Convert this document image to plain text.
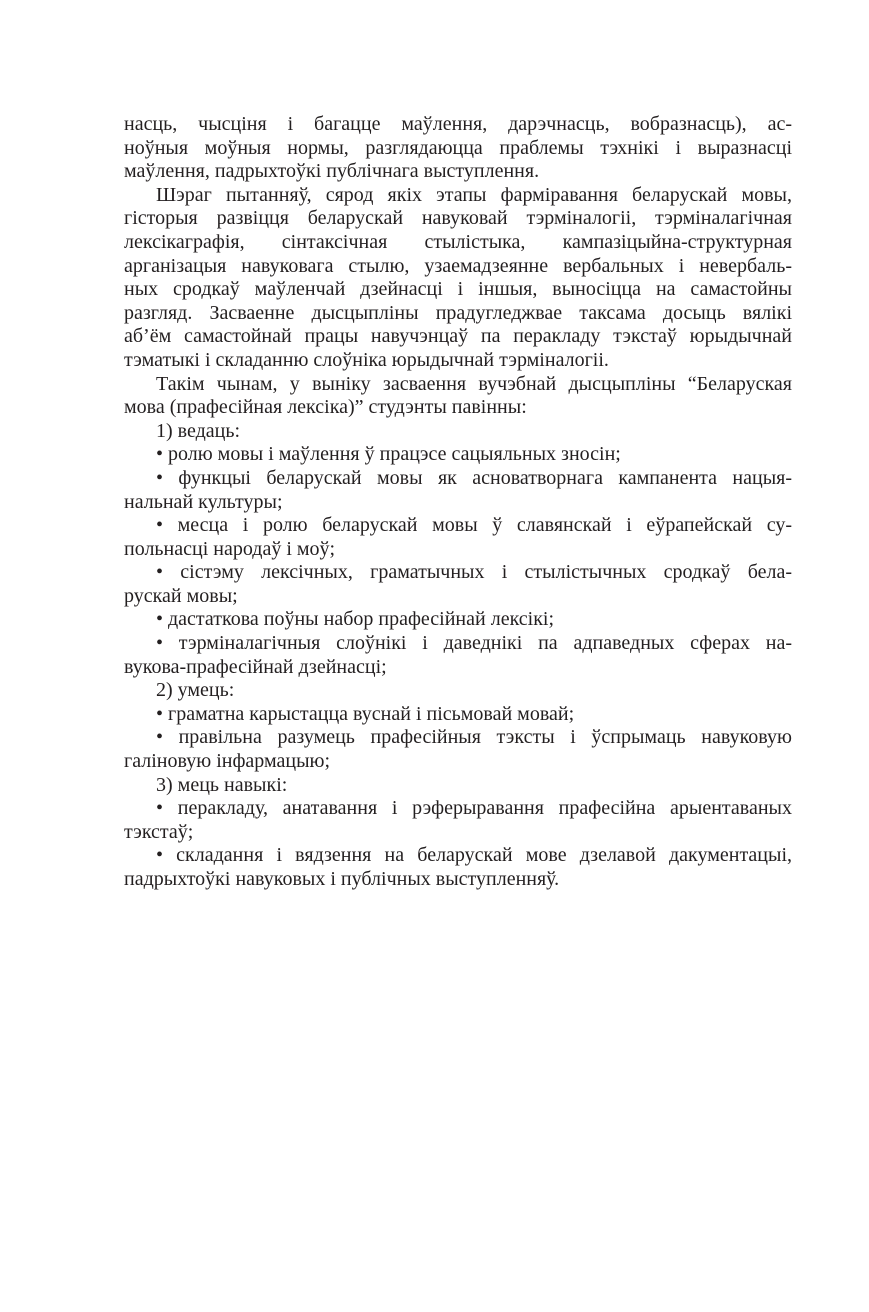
насць, чысціня і багацце маўлення, дарэчнасць, вобразнасць), ас-
ноўныя моўныя нормы, разглядаюцца праблемы тэхнікі і выразнасці
маўлення, падрыхтоўкі публічнага выступлення.
Шэраг пытанняў, сярод якіх этапы фарміравання беларускай мовы,
гісторыя развіцця беларускай навуковай тэрміналогіі, тэрміналагічная
лексікаграфія, сінтаксічная стылістыка, кампазіцыйна-структурная
арганізацыя навуковага стылю, узаемадзеянне вербальных і невербаль-
ных сродкаў маўленчай дзейнасці і іншыя, выносіцца на самастойны
разгляд. Засваенне дысцыпліны прадугледжвае таксама досыць вялікі
аб’ём самастойнай працы навучэнцаў па перакладу тэкстаў юрыдычнай
тэматыкі і складанню слоўніка юрыдычнай тэрміналогіі.
Такім чынам, у выніку засваення вучэбнай дысцыпліны “Беларуская
мова (прафесійная лексіка)” студэнты павінны:
1) ведаць:
• ролю мовы і маўлення ў працэсе сацыяльных зносін;
• функцыі беларускай мовы як асноватворнага кампанента нацыя-
нальнай культуры;
• месца і ролю беларускай мовы ў славянскай і еўрапейскай су-
польнасці народаў і моў;
• сістэму лексічных, граматычных і стылістычных сродкаў бела-
рускай мовы;
• дастаткова поўны набор прафесійнай лексікі;
• тэрміналагічныя слоўнікі і даведнікі па адпаведных сферах на-
вукова-прафесійнай дзейнасці;
2) умець:
• граматна карыстацца вуснай і пісьмовай мовай;
• правільна разумець прафесійныя тэксты і ўспрымаць навуковую
галіновую інфармацыю;
3) мець навыкі:
• перакладу, анатавання і рэферыравання прафесійна арыентаваных
тэкстаў;
• складання і вядзення на беларускай мове дзелавой дакументацыі,
падрыхтоўкі навуковых і публічных выступленняў.
